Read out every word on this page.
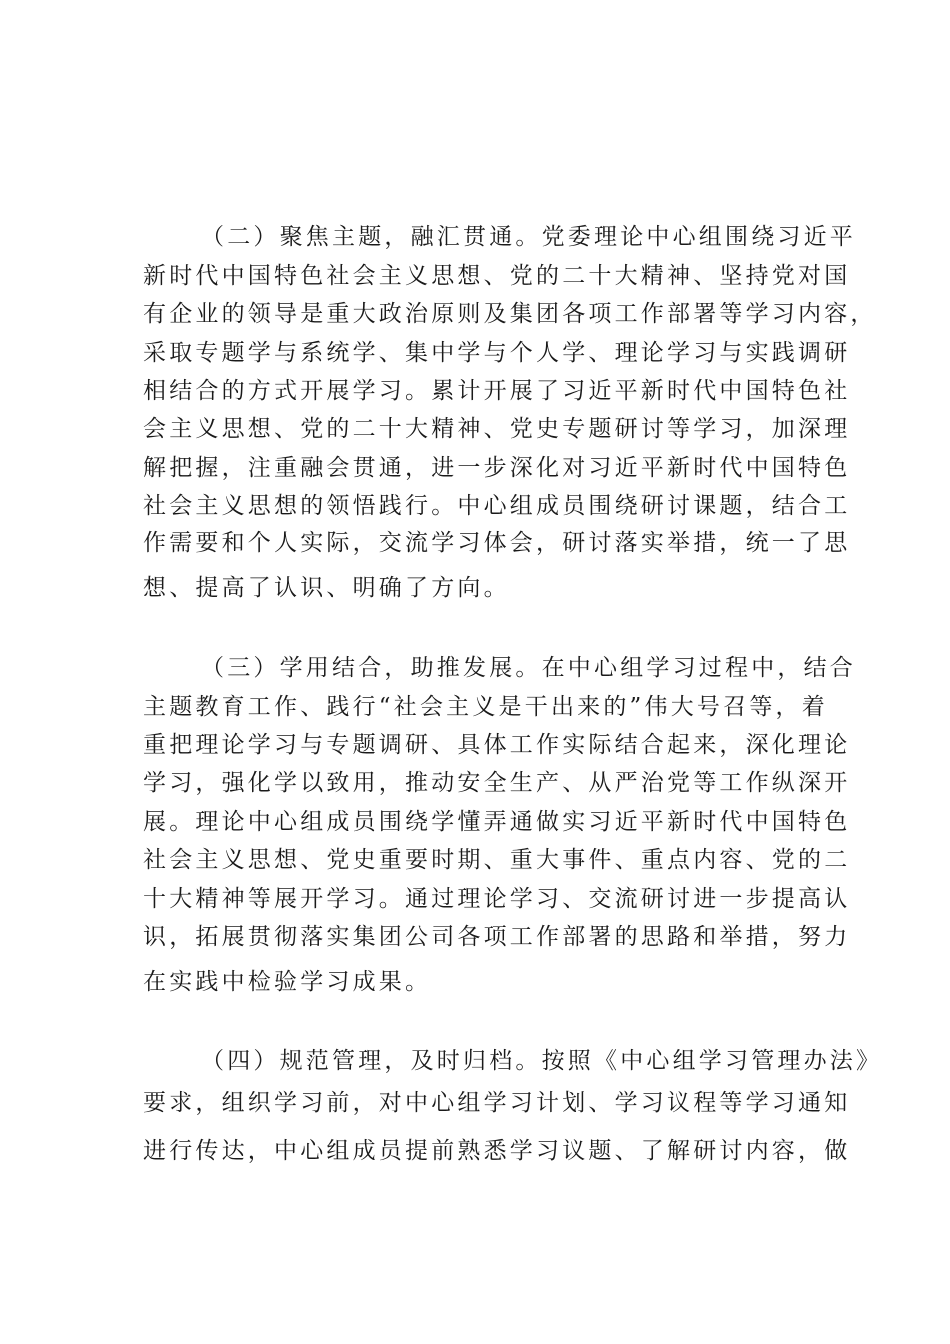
（二）聚焦主题，融汇贯通。党委理论中心组围绕习近平
新时代中国特色社会主义思想、党的二十大精神、坚持党对国
有企业的领导是重大政治原则及集团各项工作部署等学习内容，
采取专题学与系统学、集中学与个人学、理论学习与实践调研
相结合的方式开展学习。累计开展了习近平新时代中国特色社
会主义思想、党的二十大精神、党史专题研讨等学习，加深理
解把握，注重融会贯通，进一步深化对习近平新时代中国特色
社会主义思想的领悟践行。中心组成员围绕研讨课题，结合工
作需要和个人实际，交流学习体会，研讨落实举措，统一了思
想、提高了认识、明确了方向。
（三）学用结合，助推发展。在中心组学习过程中，结合
主题教育工作、践行“社会主义是干出来的”伟大号召等，着
重把理论学习与专题调研、具体工作实际结合起来，深化理论
学习，强化学以致用，推动安全生产、从严治党等工作纵深开
展。理论中心组成员围绕学懂弄通做实习近平新时代中国特色
社会主义思想、党史重要时期、重大事件、重点内容、党的二
十大精神等展开学习。通过理论学习、交流研讨进一步提高认
识，拓展贯彻落实集团公司各项工作部署的思路和举措，努力
在实践中检验学习成果。
（四）规范管理，及时归档。按照《中心组学习管理办法》
要求，组织学习前，对中心组学习计划、学习议程等学习通知
进行传达，中心组成员提前熟悉学习议题、了解研讨内容，做
